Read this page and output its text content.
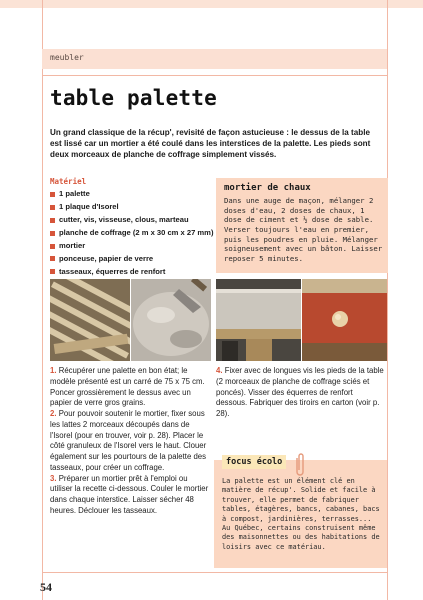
meubler
table palette

Un grand classique de la récup', revisité de façon astucieuse : le dessus de la table est lissé car un mortier a été coulé dans les interstices de la palette. Les pieds sont deux morceaux de planche de coffrage simplement vissés.

Matériel
1 palette
1 plaque d'Isorel
cutter, vis, visseuse, clous, marteau
planche de coffrage (2 m x 30 cm x 27 mm)
mortier
ponceuse, papier de verre
tasseaux, équerres de renfort
mortier de chaux

Dans une auge de maçon, mélanger 2 doses d'eau, 2 doses de chaux, 1 dose de ciment et ½ dose de sable. Verser toujours l'eau en premier, puis les poudres en pluie. Mélanger soigneusement avec un bâton. Laisser reposer 5 minutes.

1. Récupérer une palette en bon état; le modèle présenté est un carré de 75 x 75 cm. Poncer grossièrement le dessus avec un papier de verre gros grains.

2. Pour pouvoir soutenir le mortier, fixer sous les lattes 2 morceaux découpés dans de l'Isorel (pour en trouver, voir p. 28). Placer le côté granuleux de l'Isorel vers le haut. Clouer également sur les pourtours de la palette des tasseaux, pour créer un coffrage.

3. Préparer un mortier prêt à l'emploi ou utiliser la recette ci-dessous. Couler le mortier dans chaque interstice. Laisser sécher 48 heures. Déclouer les tasseaux.

4. Fixer avec de longues vis les pieds de la table (2 morceaux de planche de coffrage sciés et poncés). Visser des équerres de renfort dessous. Fabriquer des tiroirs en carton (voir p. 28).

focus écolo

La palette est un élément clé en matière de récup'. Solide et facile à trouver, elle permet de fabriquer tables, étagères, bancs, cabanes, bacs à compost, jardinières, terrasses... Au Québec, certains construisent même des maisonnettes ou des habitations de loisirs avec ce matériau.

54
